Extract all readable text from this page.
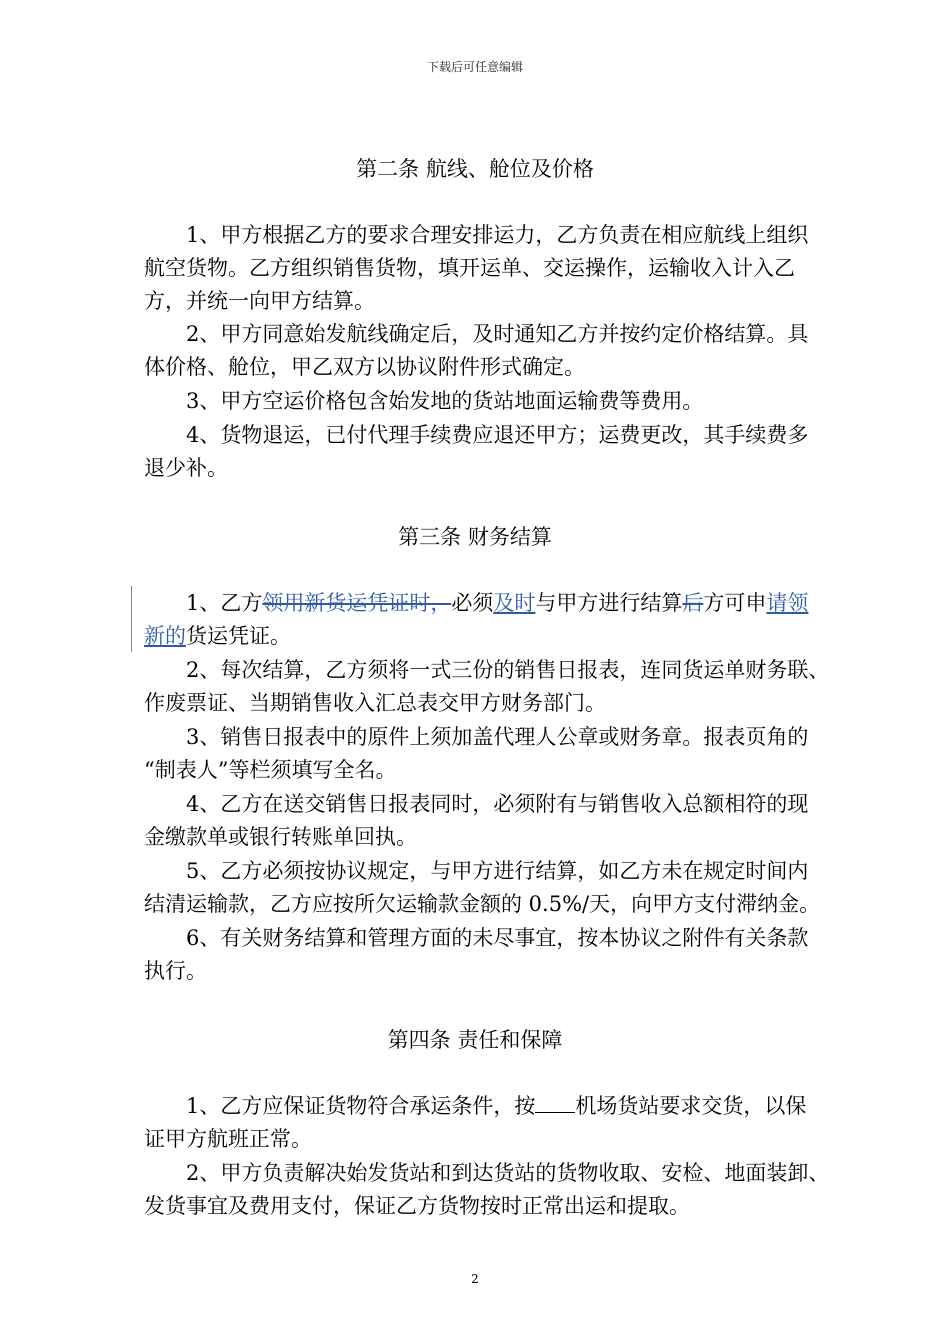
下载后可任意编辑
第二条 航线、舱位及价格
1、甲方根据乙方的要求合理安排运力，乙方负责在相应航线上组织
航空货物。乙方组织销售货物，填开运单、交运操作，运输收入计入乙
方，并统一向甲方结算。
2、甲方同意始发航线确定后，及时通知乙方并按约定价格结算。具
体价格、舱位，甲乙双方以协议附件形式确定。
3、甲方空运价格包含始发地的货站地面运输费等费用。
4、货物退运，已付代理手续费应退还甲方；运费更改，其手续费多
退少补。
第三条 财务结算
1、乙方领用新货运凭证时，必须及时与甲方进行结算后方可申请领
新的货运凭证。
2、每次结算，乙方须将一式三份的销售日报表，连同货运单财务联、
作废票证、当期销售收入汇总表交甲方财务部门。
3、销售日报表中的原件上须加盖代理人公章或财务章。报表页角的
“制表人”等栏须填写全名。
4、乙方在送交销售日报表同时，必须附有与销售收入总额相符的现
金缴款单或银行转账单回执。
5、乙方必须按协议规定，与甲方进行结算，如乙方未在规定时间内
结清运输款，乙方应按所欠运输款金额的 0.5%/天，向甲方支付滞纳金。
6、有关财务结算和管理方面的未尽事宜，按本协议之附件有关条款
执行。
第四条 责任和保障
1、乙方应保证货物符合承运条件，按 机场货站要求交货，以保
证甲方航班正常。
2、甲方负责解决始发货站和到达货站的货物收取、安检、地面装卸、
发货事宜及费用支付，保证乙方货物按时正常出运和提取。
2
